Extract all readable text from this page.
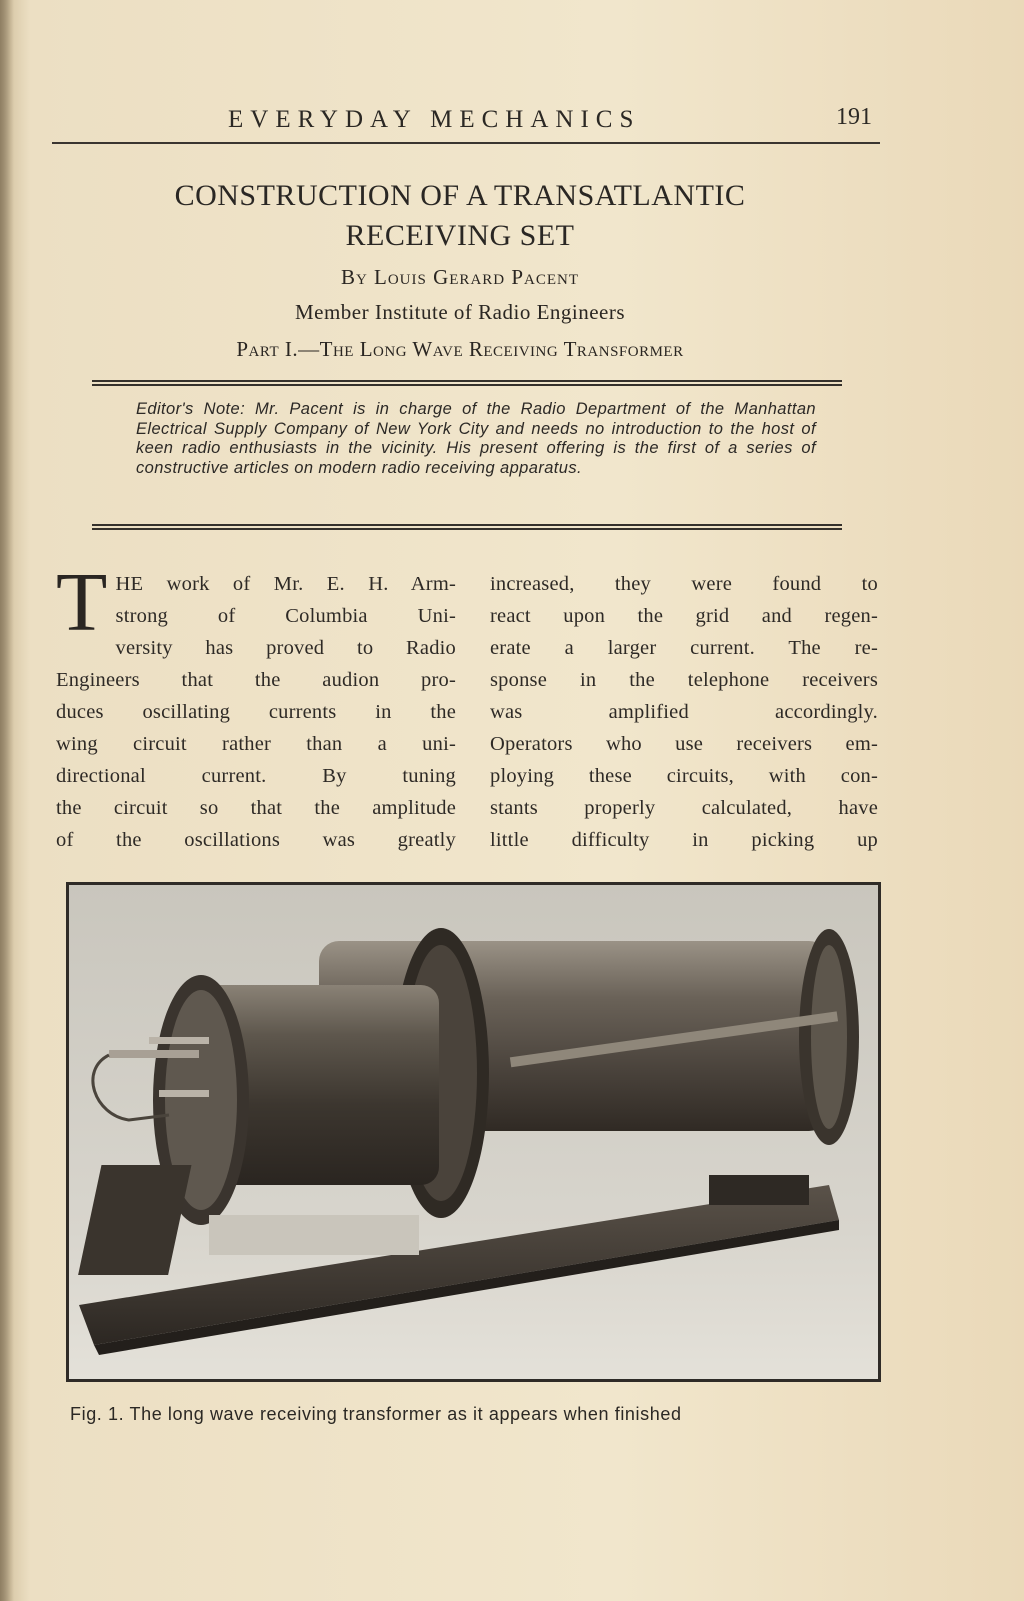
EVERYDAY MECHANICS	191
CONSTRUCTION OF A TRANSATLANTIC
RECEIVING SET
By Louis Gerard Pacent
Member Institute of Radio Engineers
Part I.—The Long Wave Receiving Transformer
Editor's Note: Mr. Pacent is in charge of the Radio Department of the Manhattan Electrical Supply Company of New York City and needs no introduction to the host of keen radio enthusiasts in the vicinity. His present offering is the first of a series of constructive articles on modern radio receiving apparatus.
T HE work of Mr. E. H. Arm-
strong of Columbia Uni-
versity has proved to Radio
Engineers that the audion pro-
duces oscillating currents in the
wing circuit rather than a uni-
directional current. By tuning
the circuit so that the amplitude
of the oscillations was greatly
increased, they were found to
react upon the grid and regen-
erate a larger current. The re-
sponse in the telephone receivers
was amplified accordingly.
Operators who use receivers em-
ploying these circuits, with con-
stants properly calculated, have
little difficulty in picking up
Fig. 1. The long wave receiving transformer as it appears when finished
